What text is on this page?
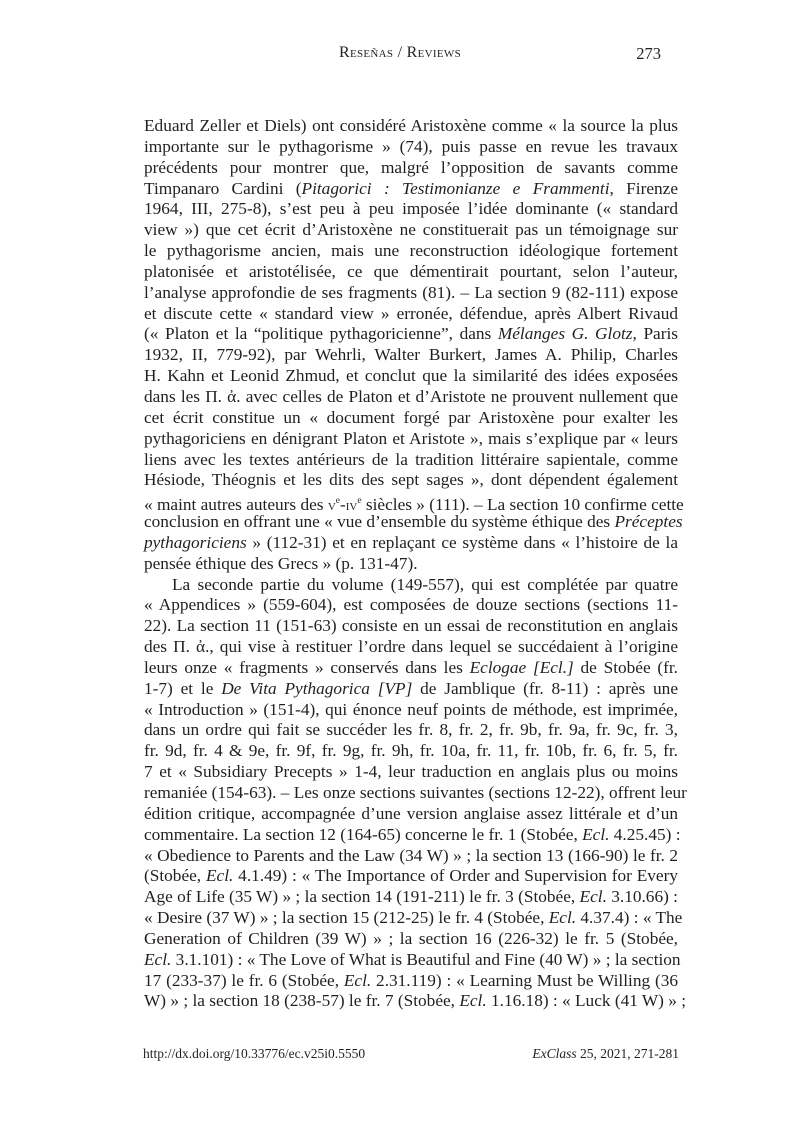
Reseñas / Reviews	273
Eduard Zeller et Diels) ont considéré Aristoxène comme « la source la plus
importante sur le pythagorisme » (74), puis passe en revue les travaux
précédents pour montrer que, malgré l’opposition de savants comme
Timpanaro Cardini (Pitagorici : Testimonianze e Frammenti, Firenze
1964, III, 275-8), s’est peu à peu imposée l’idée dominante (« standard
view ») que cet écrit d’Aristoxène ne constituerait pas un témoignage sur
le pythagorisme ancien, mais une reconstruction idéologique fortement
platonisée et aristotélisée, ce que démentirait pourtant, selon l’auteur,
l’analyse approfondie de ses fragments (81). – La section 9 (82-111) expose
et discute cette « standard view » erronée, défendue, après Albert Rivaud
(« Platon et la “politique pythagoricienne”, dans Mélanges G. Glotz, Paris
1932, II, 779-92), par Wehrli, Walter Burkert, James A. Philip, Charles
H. Kahn et Leonid Zhmud, et conclut que la similarité des idées exposées
dans les Π. ἀ. avec celles de Platon et d’Aristote ne prouvent nullement que
cet écrit constitue un « document forgé par Aristoxène pour exalter les
pythagoriciens en dénigrant Platon et Aristote », mais s’explique par « leurs
liens avec les textes antérieurs de la tradition littéraire sapientale, comme
Hésiode, Théognis et les dits des sept sages », dont dépendent également
« maint autres auteurs des $v^e-iv^e$ siècles » (111). – La section 10 confirme cette
conclusion en offrant une « vue d’ensemble du système éthique des Préceptes
pythagoriciens » (112-31) et en replaçant ce système dans « l’histoire de la
pensée éthique des Grecs » (p. 131-47).
La seconde partie du volume (149-557), qui est complétée par quatre
« Appendices » (559-604), est composées de douze sections (sections 11-
22). La section 11 (151-63) consiste en un essai de reconstitution en anglais
des Π. ἀ., qui vise à restituer l’ordre dans lequel se succédaient à l’origine
leurs onze « fragments » conservés dans les Eclogae [Ecl.] de Stobée (fr.
1-7) et le De Vita Pythagorica [VP] de Jamblique (fr. 8-11) : après une
« Introduction » (151-4), qui énonce neuf points de méthode, est imprimée,
dans un ordre qui fait se succéder les fr. 8, fr. 2, fr. 9b, fr. 9a, fr. 9c, fr. 3,
fr. 9d, fr. 4 & 9e, fr. 9f, fr. 9g, fr. 9h, fr. 10a, fr. 11, fr. 10b, fr. 6, fr. 5, fr.
7 et « Subsidiary Precepts » 1-4, leur traduction en anglais plus ou moins
remaniée (154-63). – Les onze sections suivantes (sections 12-22), offrent leur
édition critique, accompagnée d’une version anglaise assez littérale et d’un
commentaire. La section 12 (164-65) concerne le fr. 1 (Stobée, Ecl. 4.25.45) :
« Obedience to Parents and the Law (34 W) » ; la section 13 (166-90) le fr. 2
(Stobée, Ecl. 4.1.49) : « The Importance of Order and Supervision for Every
Age of Life (35 W) » ; la section 14 (191-211) le fr. 3 (Stobée, Ecl. 3.10.66) :
« Desire (37 W) » ; la section 15 (212-25) le fr. 4 (Stobée, Ecl. 4.37.4) : « The
Generation of Children (39 W) » ; la section 16 (226-32) le fr. 5 (Stobée,
Ecl. 3.1.101) : « The Love of What is Beautiful and Fine (40 W) » ; la section
17 (233-37) le fr. 6 (Stobée, Ecl. 2.31.119) : « Learning Must be Willing (36
W) » ; la section 18 (238-57) le fr. 7 (Stobée, Ecl. 1.16.18) : « Luck (41 W) » ;
http://dx.doi.org/10.33776/ec.v25i0.5550	ExClass 25, 2021, 271-281
